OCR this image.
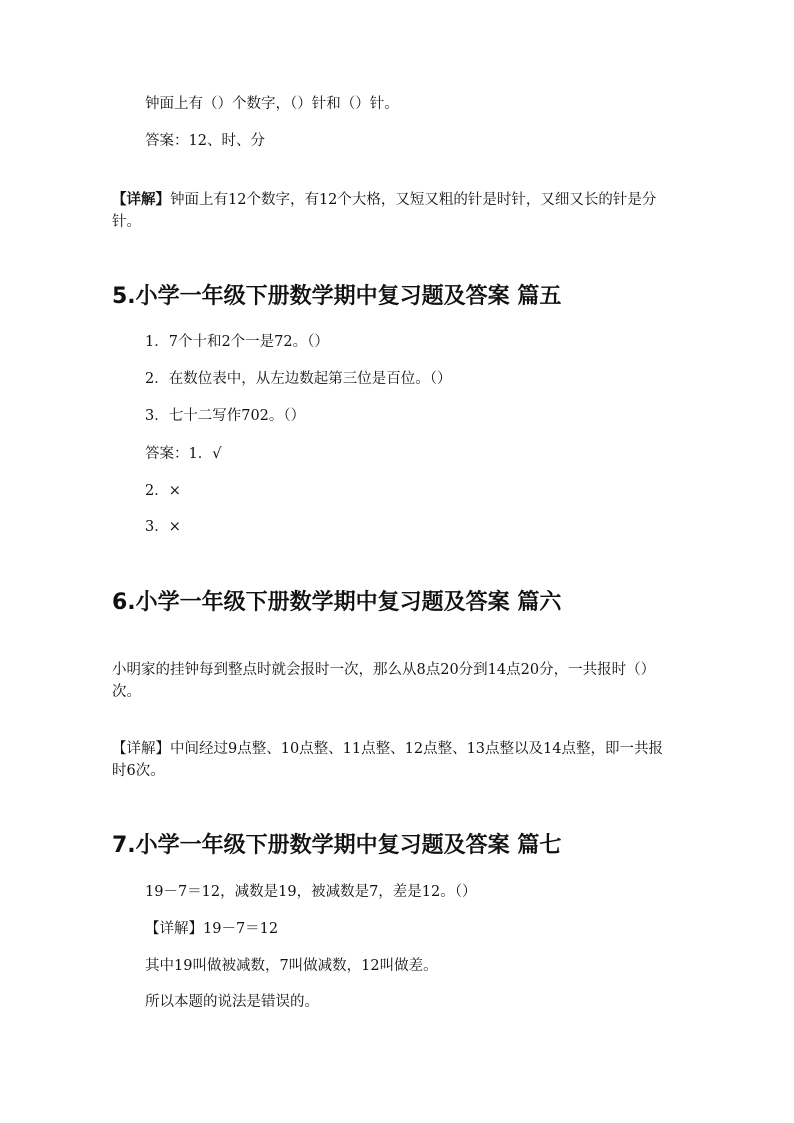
钟面上有（）个数字，（）针和（）针。
答案：12、时、分
【详解】钟面上有12个数字，有12个大格，又短又粗的针是时针，又细又长的针是分针。
5.小学一年级下册数学期中复习题及答案 篇五
1．7个十和2个一是72。（）
2．在数位表中，从左边数起第三位是百位。（）
3．七十二写作702。（）
答案：1．√
2．×
3．×
6.小学一年级下册数学期中复习题及答案 篇六
小明家的挂钟每到整点时就会报时一次，那么从8点20分到14点20分，一共报时（）次。
【详解】中间经过9点整、10点整、11点整、12点整、13点整以及14点整，即一共报时6次。
7.小学一年级下册数学期中复习题及答案 篇七
19－7＝12，减数是19，被减数是7，差是12。（）
【详解】19－7＝12
其中19叫做被减数，7叫做减数，12叫做差。
所以本题的说法是错误的。
